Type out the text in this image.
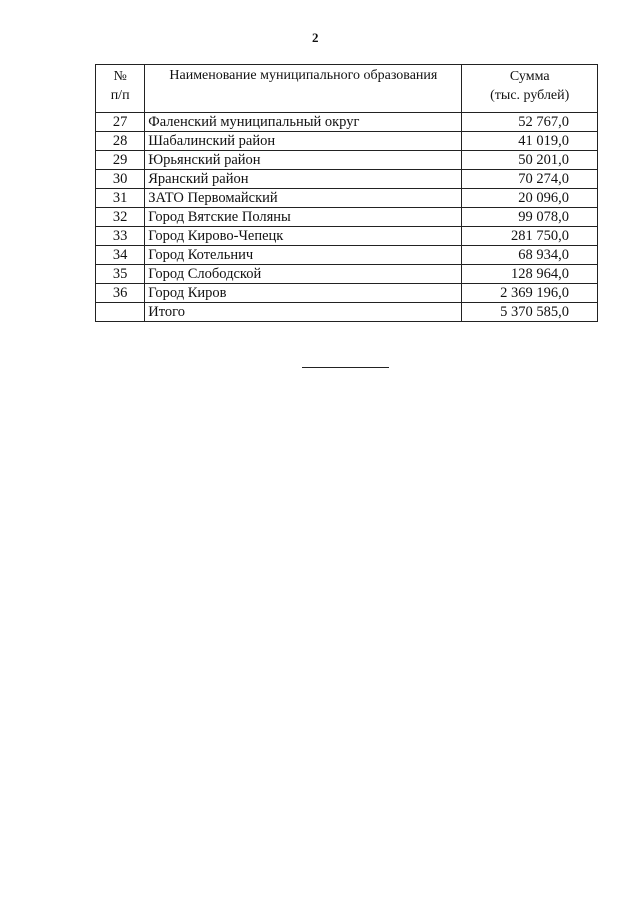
2
№
п/п	Наименование муниципального образования	Сумма
(тыс. рублей)
27	Фаленский муниципальный округ	52 767,0
28	Шабалинский район	41 019,0
29	Юрьянский район	50 201,0
30	Яранский район	70 274,0
31	ЗАТО Первомайский	20 096,0
32	Город Вятские Поляны	99 078,0
33	Город Кирово-Чепецк	281 750,0
34	Город Котельнич	68 934,0
35	Город Слободской	128 964,0
36	Город Киров	2 369 196,0
	Итого	5 370 585,0
